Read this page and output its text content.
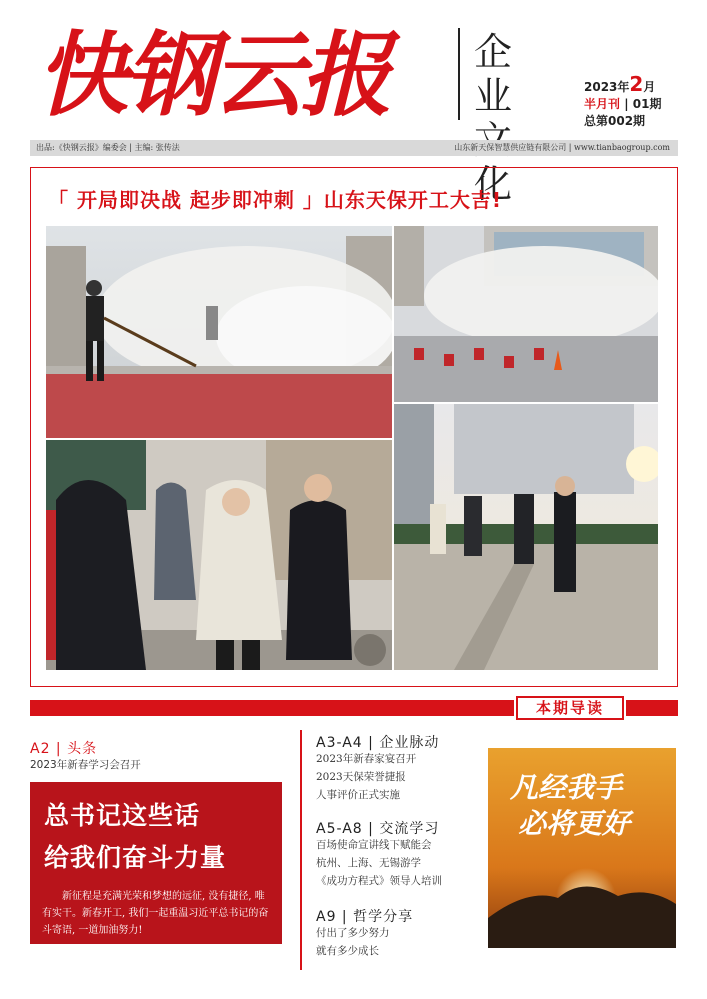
快钢云报 企 业
化
2023年2月
半月刊 | 01期
总第002期
出品:《快钢云报》编委会 | 主编: 张传法	山东新天保智慧供应链有限公司 | www.tianbaogroup.com
「 开局即决战 起步即冲刺 」山东天保开工大吉!
本期导读
A2 | 头条
2023年新春学习会召开
总书记这些话
给我们奋斗力量
新征程是充满光荣和梦想的远征, 没有捷径, 唯有实干。新春开工, 我们一起重温习近平总书记的奋斗寄语, 一道加油努力!
A3-A4 | 企业脉动
2023年新春家宴召开
2023天保荣誉捷报
人事评价正式实施
A5-A8 | 交流学习
百场使命宣讲线下赋能会
杭州、上海、无锡游学
《成功方程式》领导人培训
A9 | 哲学分享
付出了多少努力
就有多少成长
凡经我手
必将更好
